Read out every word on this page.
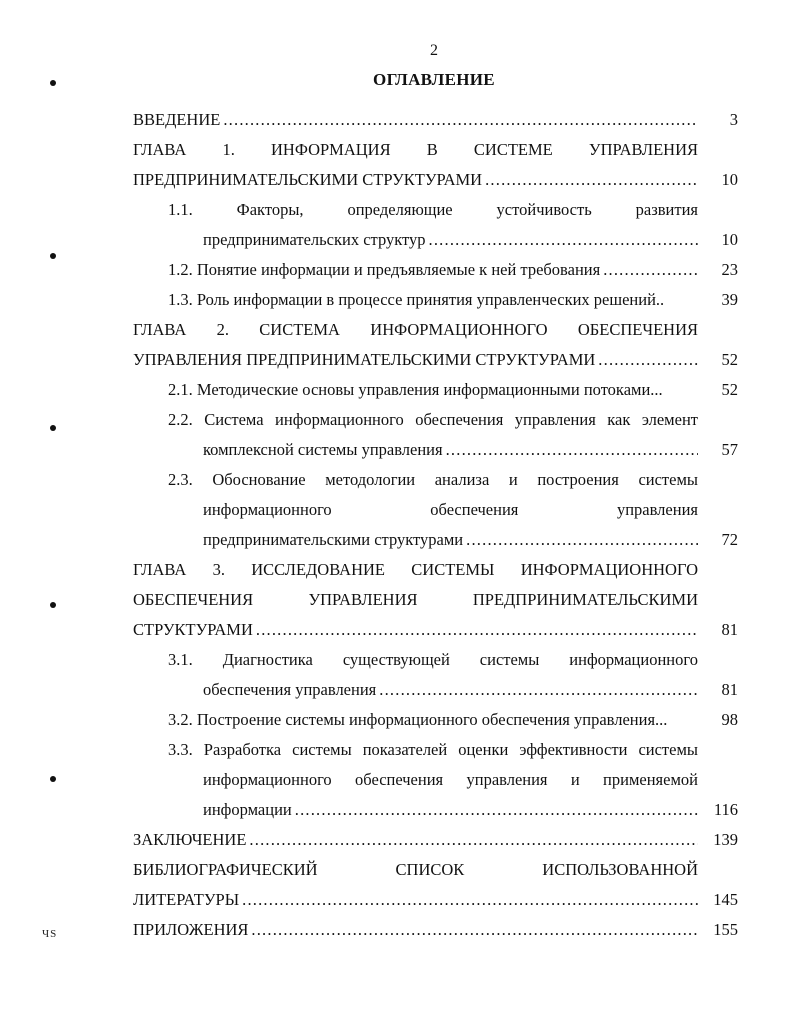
2
ОГЛАВЛЕНИЕ
ЧЅ
ВВЕДЕНИЕ .....	3
ГЛАВА 1. ИНФОРМАЦИЯ В СИСТЕМЕ УПРАВЛЕНИЯ
ПРЕДПРИНИМАТЕЛЬСКИМИ СТРУКТУРАМИ .....	10
1.1. Факторы, определяющие устойчивость развития
предпринимательских структур .....	10
1.2. Понятие информации и предъявляемые к ней требования .....	23
1.3. Роль информации в процессе принятия управленческих решений..	39
ГЛАВА 2. СИСТЕМА ИНФОРМАЦИОННОГО ОБЕСПЕЧЕНИЯ
УПРАВЛЕНИЯ ПРЕДПРИНИМАТЕЛЬСКИМИ СТРУКТУРАМИ .....	52
2.1. Методические основы управления информационными потоками...	52
2.2. Система информационного обеспечения управления как элемент
комплексной системы управления .....	57
2.3. Обоснование методологии анализа и построения системы
информационного обеспечения управления
предпринимательскими структурами .....	72
ГЛАВА 3. ИССЛЕДОВАНИЕ СИСТЕМЫ ИНФОРМАЦИОННОГО
ОБЕСПЕЧЕНИЯ УПРАВЛЕНИЯ ПРЕДПРИНИМАТЕЛЬСКИМИ
СТРУКТУРАМИ .....	81
3.1. Диагностика существующей системы информационного
обеспечения управления .....	81
3.2. Построение системы информационного обеспечения управления...	98
3.3. Разработка системы показателей оценки эффективности системы
информационного обеспечения управления и применяемой
информации .....	116
ЗАКЛЮЧЕНИЕ .....	139
БИБЛИОГРАФИЧЕСКИЙ СПИСОК ИСПОЛЬЗОВАННОЙ
ЛИТЕРАТУРЫ .....	145
ПРИЛОЖЕНИЯ .....	155
